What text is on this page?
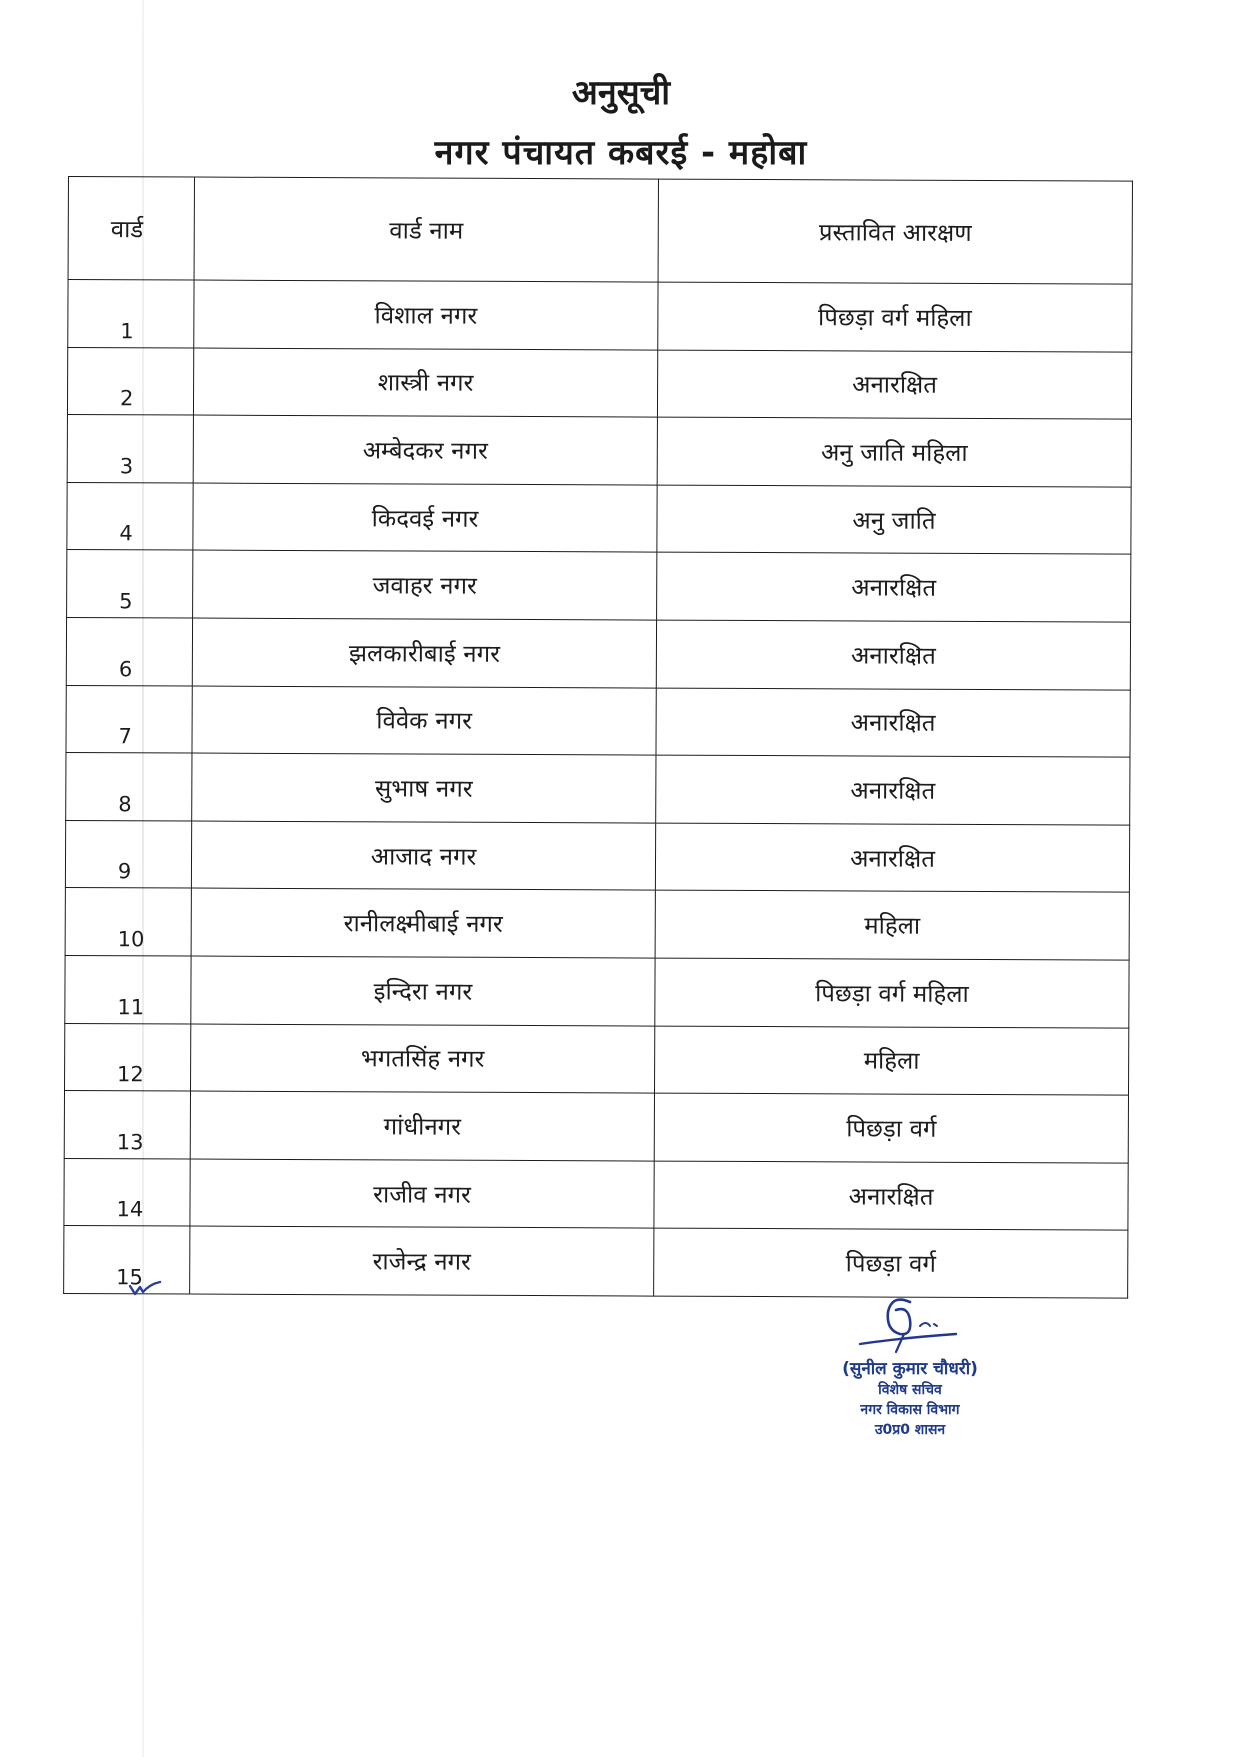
अनुसूची
नगर पंचायत कबरई - महोबा
वार्ड	वार्ड नाम	प्रस्तावित आरक्षण
1	विशाल नगर	पिछड़ा वर्ग महिला
2	शास्त्री नगर	अनारक्षित
3	अम्बेदकर नगर	अनु जाति महिला
4	किदवई नगर	अनु जाति
5	जवाहर नगर	अनारक्षित
6	झलकारीबाई नगर	अनारक्षित
7	विवेक नगर	अनारक्षित
8	सुभाष नगर	अनारक्षित
9	आजाद नगर	अनारक्षित
10	रानीलक्ष्मीबाई नगर	महिला
11	इन्दिरा नगर	पिछड़ा वर्ग महिला
12	भगतसिंह नगर	महिला
13	गांधीनगर	पिछड़ा वर्ग
14	राजीव नगर	अनारक्षित
15	राजेन्द्र नगर	पिछड़ा वर्ग
(सुनील कुमार चौधरी)
विशेष सचिव
नगर विकास विभाग
उ0प्र0 शासन
